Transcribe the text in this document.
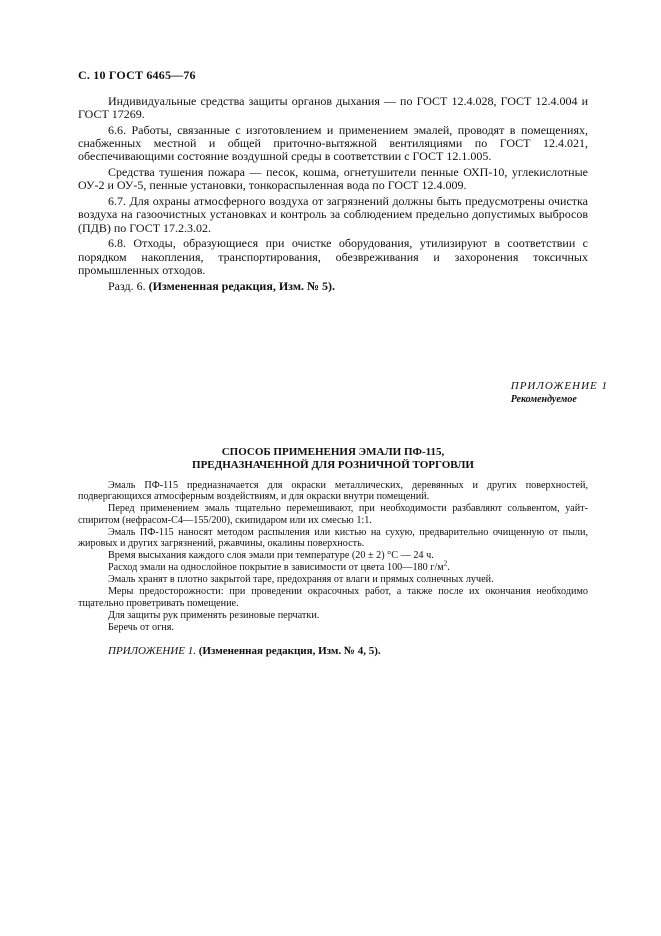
С. 10 ГОСТ 6465—76

Индивидуальные средства защиты органов дыхания — по ГОСТ 12.4.028, ГОСТ 12.4.004 и ГОСТ 17269.

6.6. Работы, связанные с изготовлением и применением эмалей, проводят в помещениях, снабженных местной и общей приточно-вытяжной вентиляциями по ГОСТ 12.4.021, обеспечивающими состояние воздушной среды в соответствии с ГОСТ 12.1.005.

Средства тушения пожара — песок, кошма, огнетушители пенные ОХП-10, углекислотные ОУ-2 и ОУ-5, пенные установки, тонкораспыленная вода по ГОСТ 12.4.009.

6.7. Для охраны атмосферного воздуха от загрязнений должны быть предусмотрены очистка воздуха на газоочистных установках и контроль за соблюдением предельно допустимых выбросов (ПДВ) по ГОСТ 17.2.3.02.

6.8. Отходы, образующиеся при очистке оборудования, утилизируют в соответствии с порядком накопления, транспортирования, обезвреживания и захоронения токсичных промышленных отходов.

Разд. 6. (Измененная редакция, Изм. № 5).

ПРИЛОЖЕНИЕ 1
Рекомендуемое
СПОСОБ ПРИМЕНЕНИЯ ЭМАЛИ ПФ-115,
ПРЕДНАЗНАЧЕННОЙ ДЛЯ РОЗНИЧНОЙ ТОРГОВЛИ

Эмаль ПФ-115 предназначается для окраски металлических, деревянных и других поверхностей, подвергающихся атмосферным воздействиям, и для окраски внутри помещений.

Перед применением эмаль тщательно перемешивают, при необходимости разбавляют сольвентом, уайт-спиритом (нефрасом-С4—155/200), скипидаром или их смесью 1:1.

Эмаль ПФ-115 наносят методом распыления или кистью на сухую, предварительно очищенную от пыли, жировых и других загрязнений, ржавчины, окалины поверхность.

Время высыхания каждого слоя эмали при температуре (20 ± 2) °С — 24 ч.

Расход эмали на однослойное покрытие в зависимости от цвета 100—180 $г/м^2$.

Эмаль хранят в плотно закрытой таре, предохраняя от влаги и прямых солнечных лучей.

Меры предосторожности: при проведении окрасочных работ, а также после их окончания необходимо тщательно проветривать помещение.

Для защиты рук применять резиновые перчатки.

Беречь от огня.

ПРИЛОЖЕНИЕ 1. (Измененная редакция, Изм. № 4, 5).
